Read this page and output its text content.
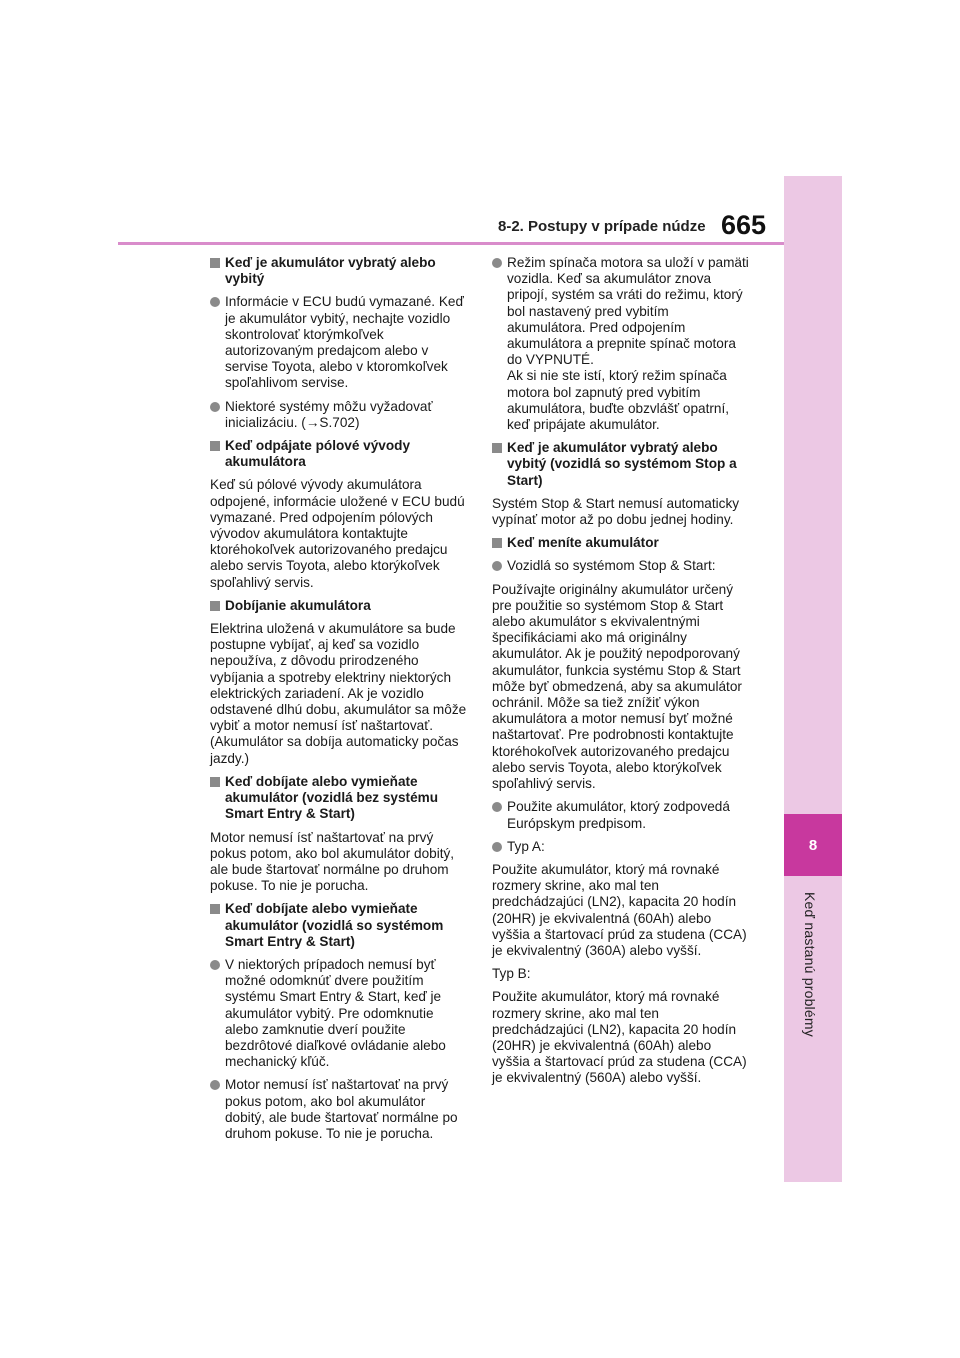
8
Keď nastanú problémy
8-2. Postupy v prípade núdze 665
Keď je akumulátor vybratý alebo vybitý
Informácie v ECU budú vymazané. Keď je akumulátor vybitý, nechajte vozidlo skontrolovať ktorýmkoľvek autorizovaným predajcom alebo v servise Toyota, alebo v ktoromkoľvek spoľahlivom servise.
Niektoré systémy môžu vyžadovať inicializáciu. (→S.702)
Keď odpájate pólové vývody akumulátora
Keď sú pólové vývody akumulátora odpojené, informácie uložené v ECU budú vymazané. Pred odpojením pólových vývodov akumulátora kontaktujte ktoréhokoľvek autorizovaného predajcu alebo servis Toyota, alebo ktorýkoľvek spoľahlivý servis.
Dobíjanie akumulátora
Elektrina uložená v akumulátore sa bude postupne vybíjať, aj keď sa vozidlo nepoužíva, z dôvodu prirodzeného vybíjania a spotreby elektriny niektorých elektrických zariadení. Ak je vozidlo odstavené dlhú dobu, akumulátor sa môže vybiť a motor nemusí ísť naštartovať. (Akumulátor sa dobíja automaticky počas jazdy.)
Keď dobíjate alebo vymieňate akumulátor (vozidlá bez systému Smart Entry & Start)
Motor nemusí ísť naštartovať na prvý pokus potom, ako bol akumulátor dobitý, ale bude štartovať normálne po druhom pokuse. To nie je porucha.
Keď dobíjate alebo vymieňate akumulátor (vozidlá so systémom Smart Entry & Start)
V niektorých prípadoch nemusí byť možné odomknúť dvere použitím systému Smart Entry & Start, keď je akumulátor vybitý. Pre odomknutie alebo zamknutie dverí použite bezdrôtové diaľkové ovládanie alebo mechanický kľúč.
Motor nemusí ísť naštartovať na prvý pokus potom, ako bol akumulátor dobitý, ale bude štartovať normálne po druhom pokuse. To nie je porucha.
Režim spínača motora sa uloží v pamäti vozidla. Keď sa akumulátor znova pripojí, systém sa vráti do režimu, ktorý bol nastavený pred vybitím akumulátora. Pred odpojením akumulátora a prepnite spínač motora do VYPNUTÉ.
Ak si nie ste istí, ktorý režim spínača motora bol zapnutý pred vybitím akumulátora, buďte obzvlášť opatrní, keď pripájate akumulátor.
Keď je akumulátor vybratý alebo vybitý (vozidlá so systémom Stop a Start)
Systém Stop & Start nemusí automaticky vypínať motor až po dobu jednej hodiny.
Keď meníte akumulátor
Vozidlá so systémom Stop & Start:
Používajte originálny akumulátor určený pre použitie so systémom Stop & Start alebo akumulátor s ekvivalentnými špecifikáciami ako má originálny akumulátor. Ak je použitý nepodporovaný akumulátor, funkcia systému Stop & Start môže byť obmedzená, aby sa akumulátor ochránil. Môže sa tiež znížiť výkon akumulátora a motor nemusí byť možné naštartovať. Pre podrobnosti kontaktujte ktoréhokoľvek autorizovaného predajcu alebo servis Toyota, alebo ktorýkoľvek spoľahlivý servis.
Použite akumulátor, ktorý zodpovedá Európskym predpisom.
Typ A:
Použite akumulátor, ktorý má rovnaké rozmery skrine, ako mal ten predchádzajúci (LN2), kapacita 20 hodín (20HR) je ekvivalentná (60Ah) alebo vyššia a štartovací prúd za studena (CCA) je ekvivalentný (360A) alebo vyšší.
Typ B:
Použite akumulátor, ktorý má rovnaké rozmery skrine, ako mal ten predchádzajúci (LN2), kapacita 20 hodín (20HR) je ekvivalentná (60Ah) alebo vyššia a štartovací prúd za studena (CCA) je ekvivalentný (560A) alebo vyšší.
